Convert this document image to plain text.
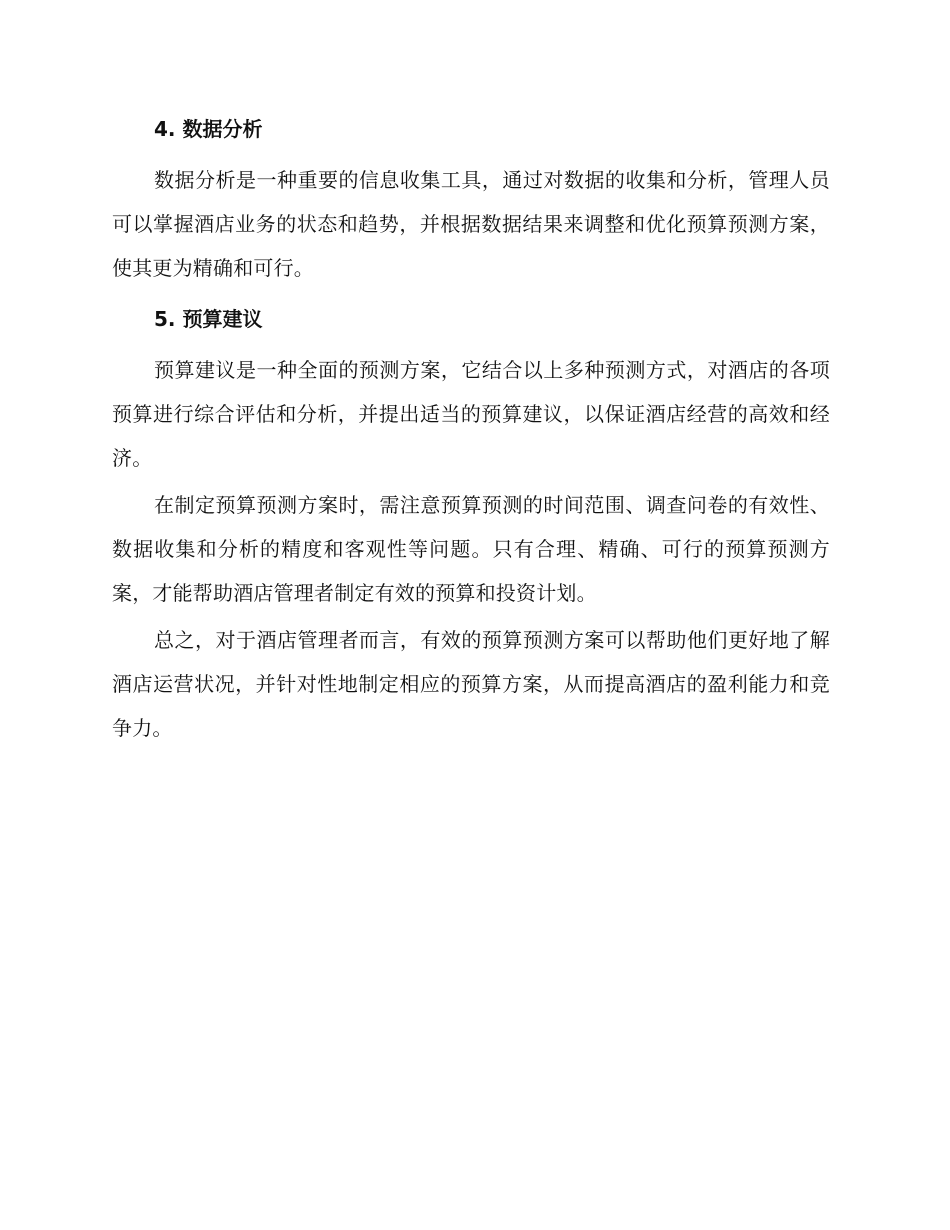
4. 数据分析

数据分析是一种重要的信息收集工具，通过对数据的收集和分析，管理人员可以掌握酒店业务的状态和趋势，并根据数据结果来调整和优化预算预测方案，使其更为精确和可行。

5. 预算建议

预算建议是一种全面的预测方案，它结合以上多种预测方式，对酒店的各项预算进行综合评估和分析，并提出适当的预算建议，以保证酒店经营的高效和经济。

在制定预算预测方案时，需注意预算预测的时间范围、调查问卷的有效性、数据收集和分析的精度和客观性等问题。只有合理、精确、可行的预算预测方案，才能帮助酒店管理者制定有效的预算和投资计划。

总之，对于酒店管理者而言，有效的预算预测方案可以帮助他们更好地了解酒店运营状况，并针对性地制定相应的预算方案，从而提高酒店的盈利能力和竞争力。
